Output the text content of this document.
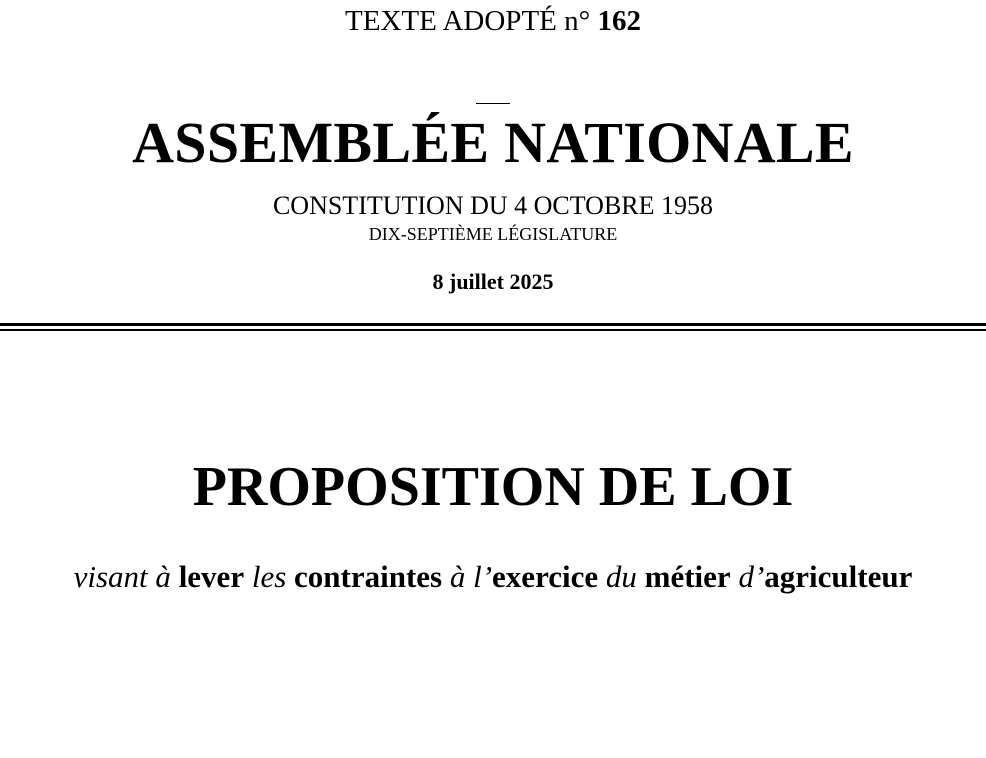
TEXTE ADOPTÉ n° 162
ASSEMBLÉE NATIONALE
CONSTITUTION DU 4 OCTOBRE 1958
DIX-SEPTIÈME LÉGISLATURE
8 juillet 2025
PROPOSITION DE LOI
visant à lever les contraintes à l’exercice du métier d’agriculteur
